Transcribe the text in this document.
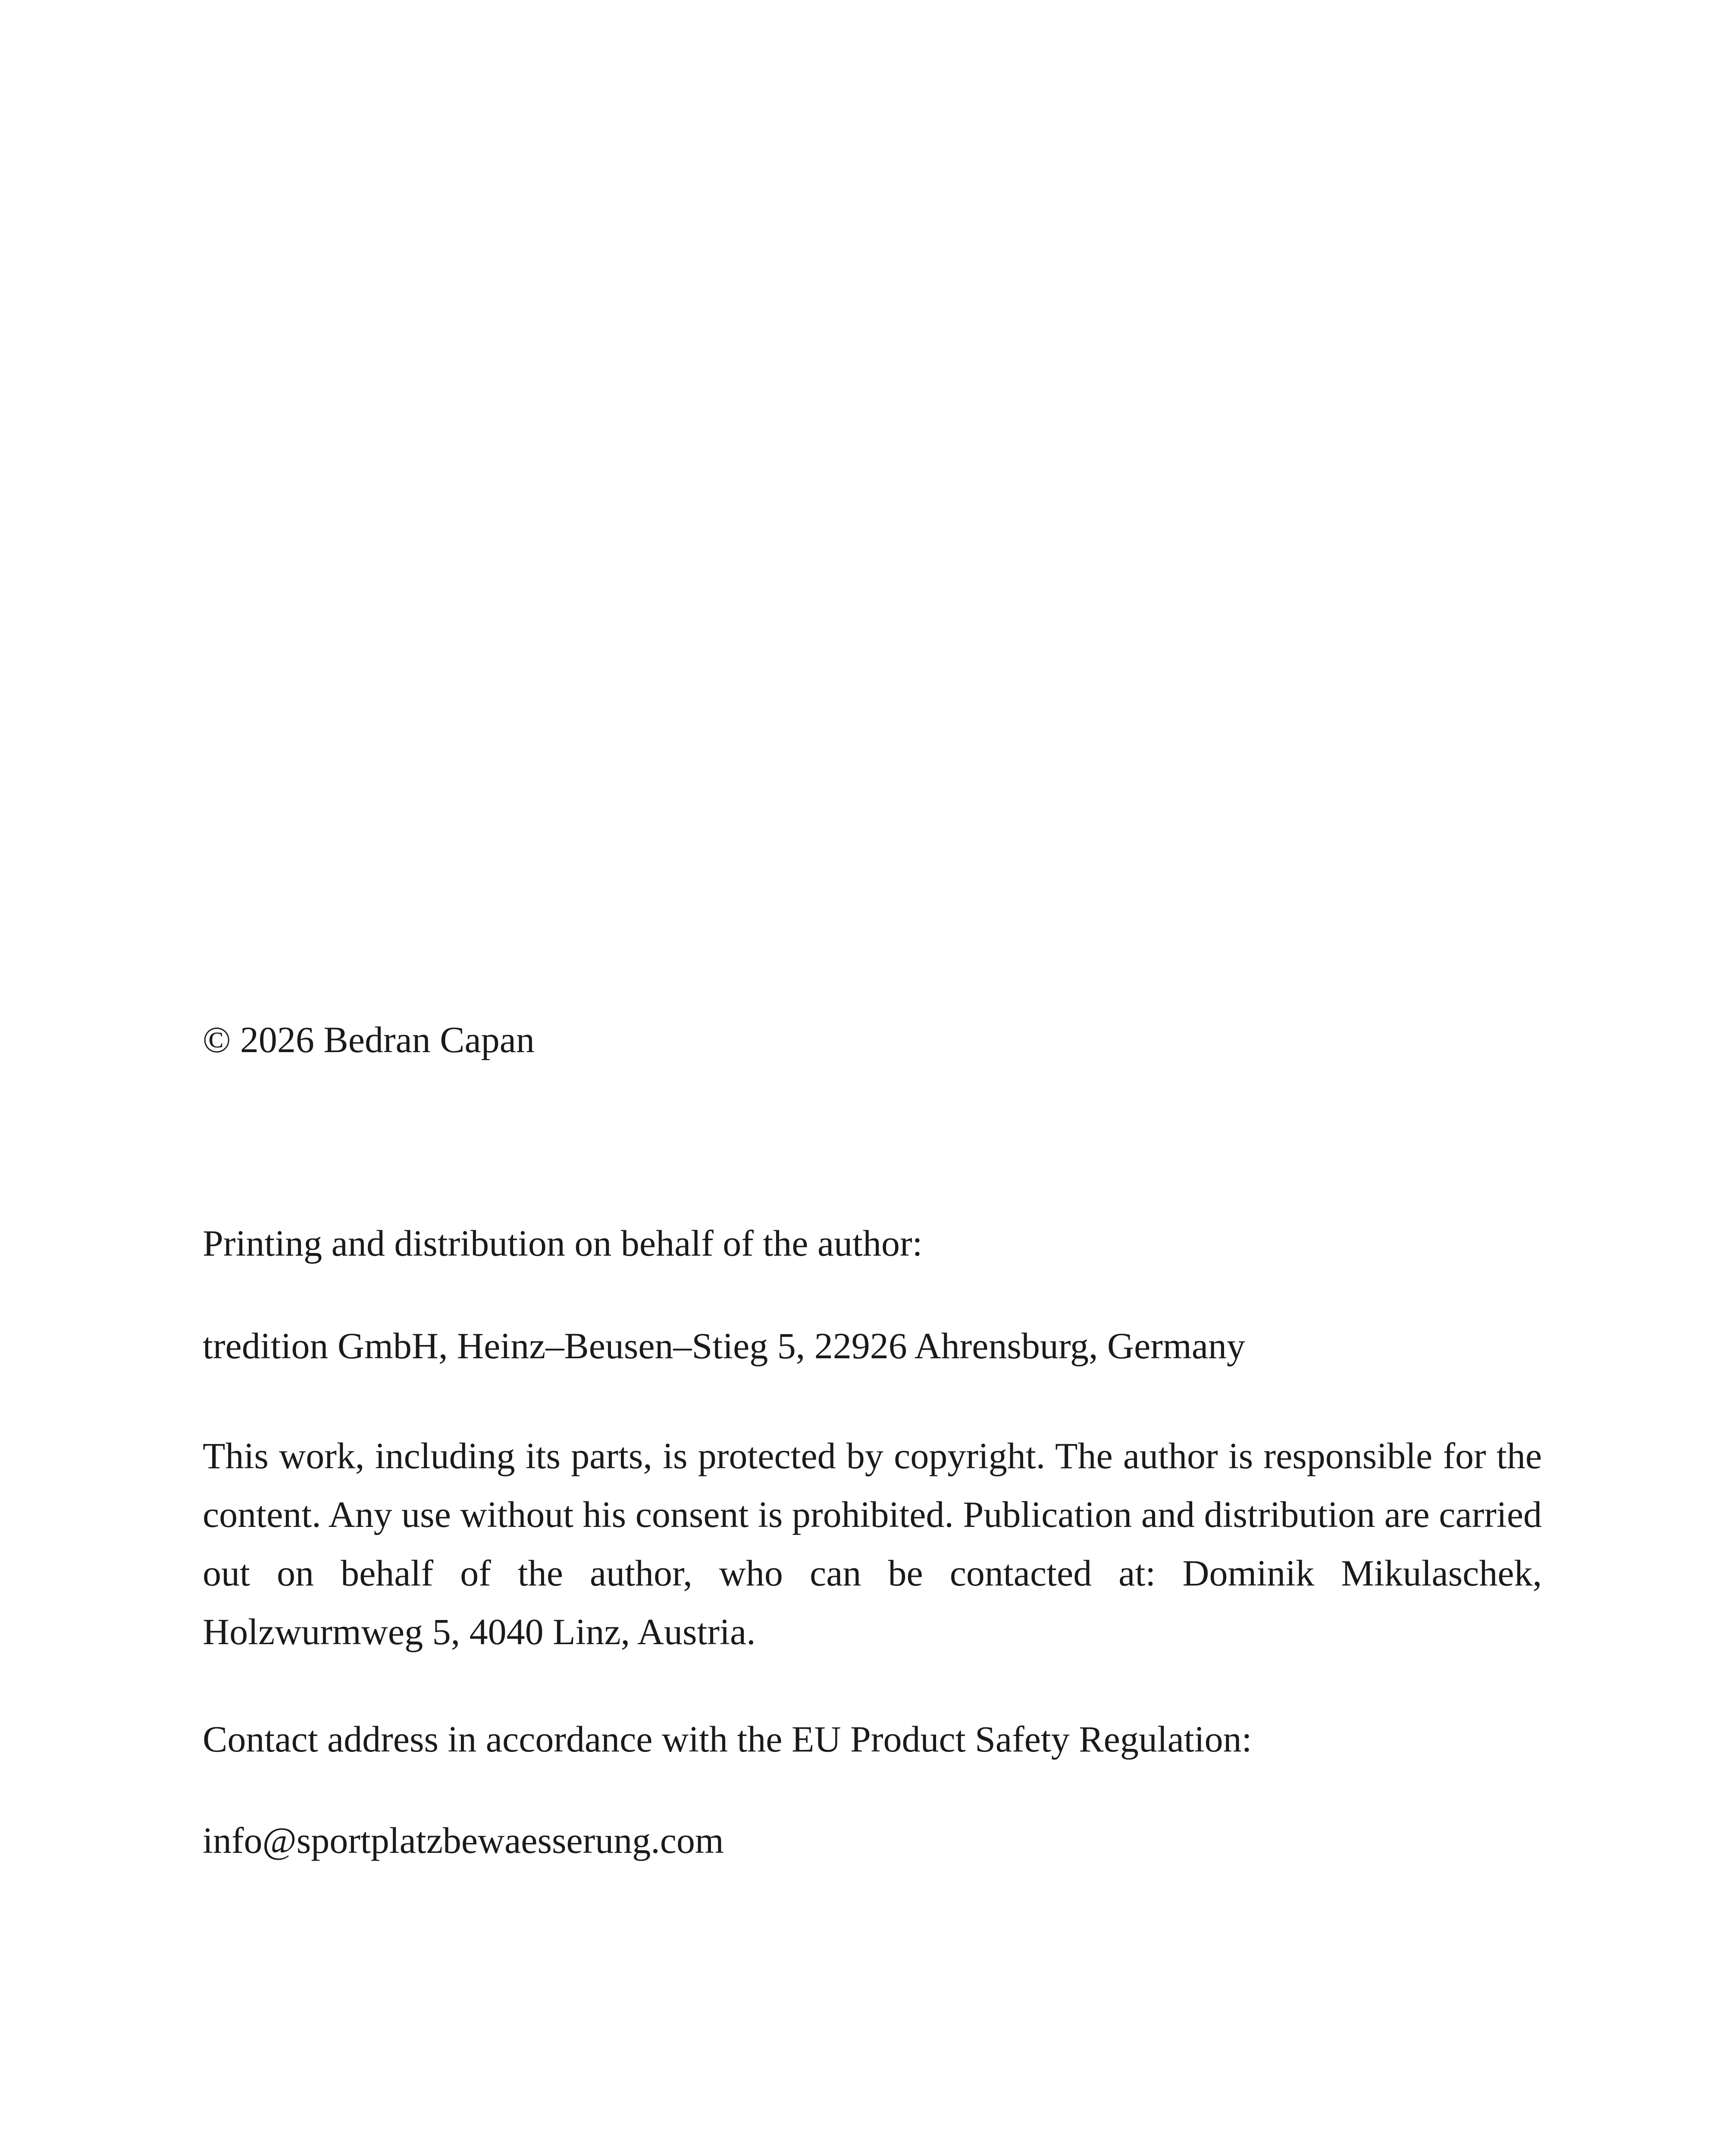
© 2026 Bedran Capan
Printing and distribution on behalf of the author:
tredition GmbH, Heinz–Beusen–Stieg 5, 22926 Ahrensburg, Germany

This work, including its parts, is protected by copyright. The author is responsible for the content. Any use without his consent is prohibited. Publication and distribution are carried out on behalf of the author, who can be contacted at: Dominik Mikulaschek, Holzwurmweg 5, 4040 Linz, Austria.

Contact address in accordance with the EU Product Safety Regulation:
info@sportplatzbewaesserung.com
